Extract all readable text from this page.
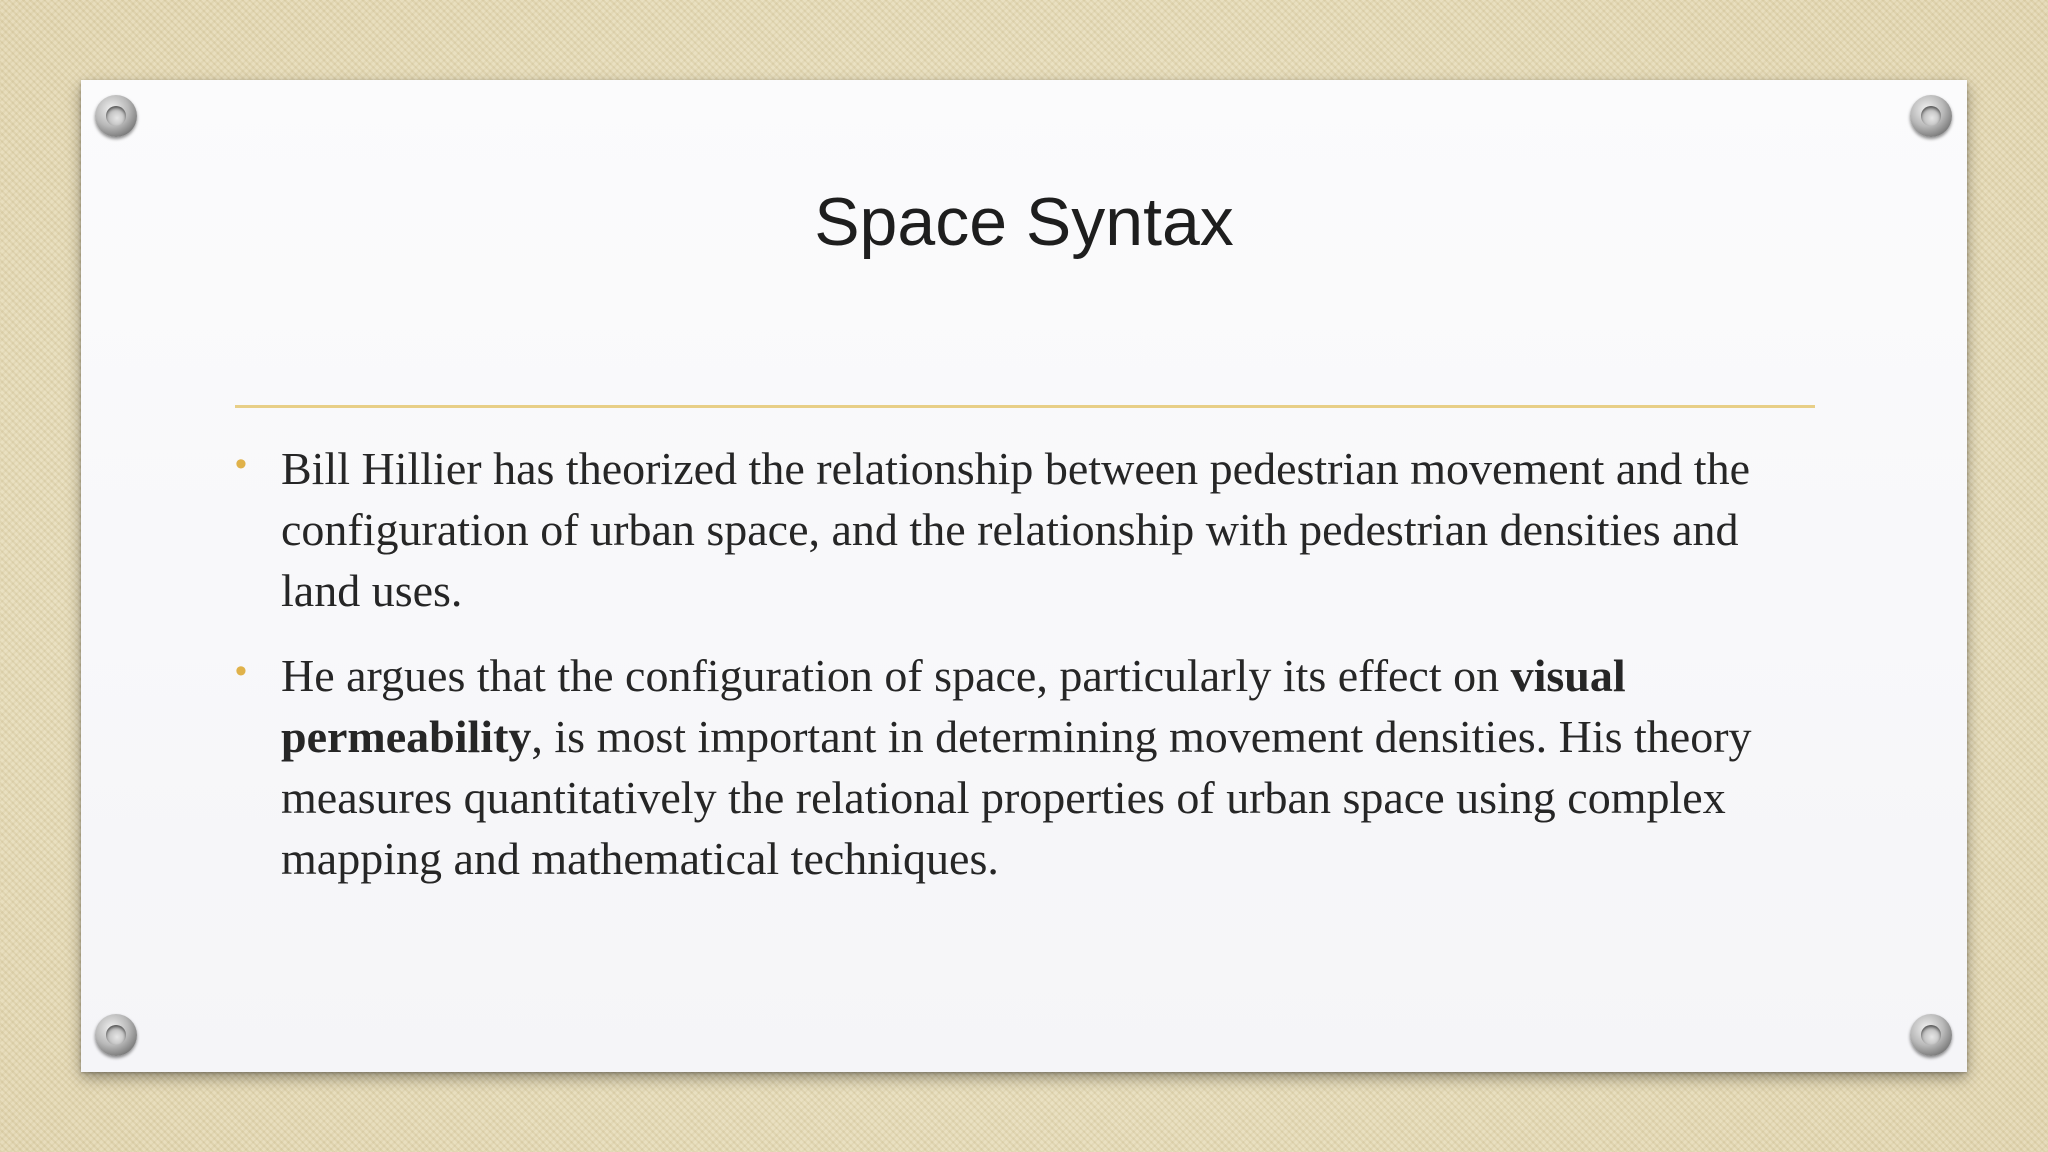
Space Syntax
• Bill Hillier has theorized the relationship between pedestrian movement and the configuration of urban space, and the relationship with pedestrian densities and land uses.
• He argues that the configuration of space, particularly its effect on visual permeability, is most important in determining movement densities. His theory measures quantitatively the relational properties of urban space using complex mapping and mathematical techniques.
